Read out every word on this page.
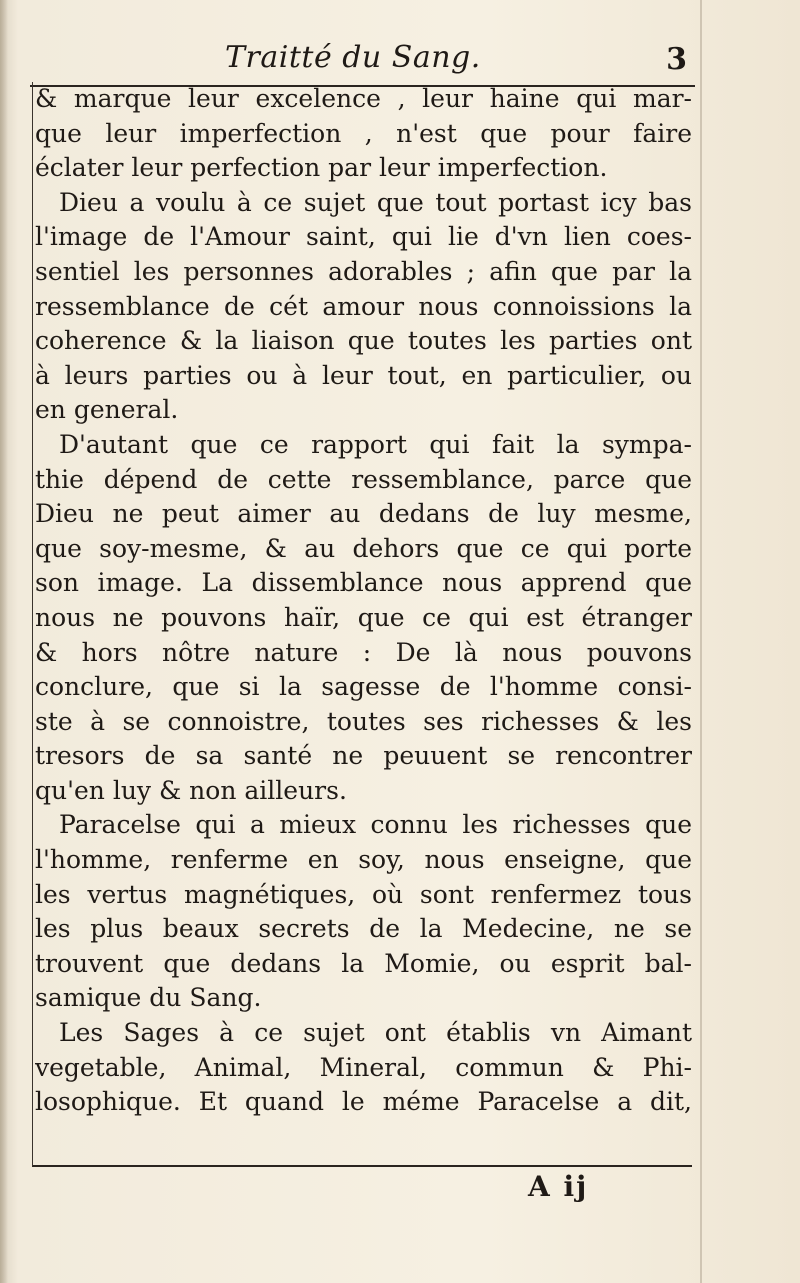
Traitté du Sang.	3
& marque leur excelence , leur haine qui mar-
que leur imperfection , n'est que pour faire
éclater leur perfection par leur imperfection.
Dieu a voulu à ce sujet que tout portast icy bas
l'image de l'Amour saint, qui lie d'vn lien coes-
sentiel les personnes adorables ; afin que par la
ressemblance de cét amour nous connoissions la
coherence & la liaison que toutes les parties ont
à leurs parties ou à leur tout, en particulier, ou
en general.
D'autant que ce rapport qui fait la sympa-
thie dépend de cette ressemblance, parce que
Dieu ne peut aimer au dedans de luy mesme,
que soy-mesme, & au dehors que ce qui porte
son image. La dissemblance nous apprend que
nous ne pouvons haïr, que ce qui est étranger
& hors nôtre nature : De là nous pouvons
conclure, que si la sagesse de l'homme consi-
ste à se connoistre, toutes ses richesses & les
tresors de sa santé ne peuuent se rencontrer
qu'en luy & non ailleurs.
Paracelse qui a mieux connu les richesses que
l'homme, renferme en soy, nous enseigne, que
les vertus magnétiques, où sont renfermez tous
les plus beaux secrets de la Medecine, ne se
trouvent que dedans la Momie, ou esprit bal-
samique du Sang.
Les Sages à ce sujet ont établis vn Aimant
vegetable, Animal, Mineral, commun & Phi-
losophique. Et quand le méme Paracelse a dit,
A ij
